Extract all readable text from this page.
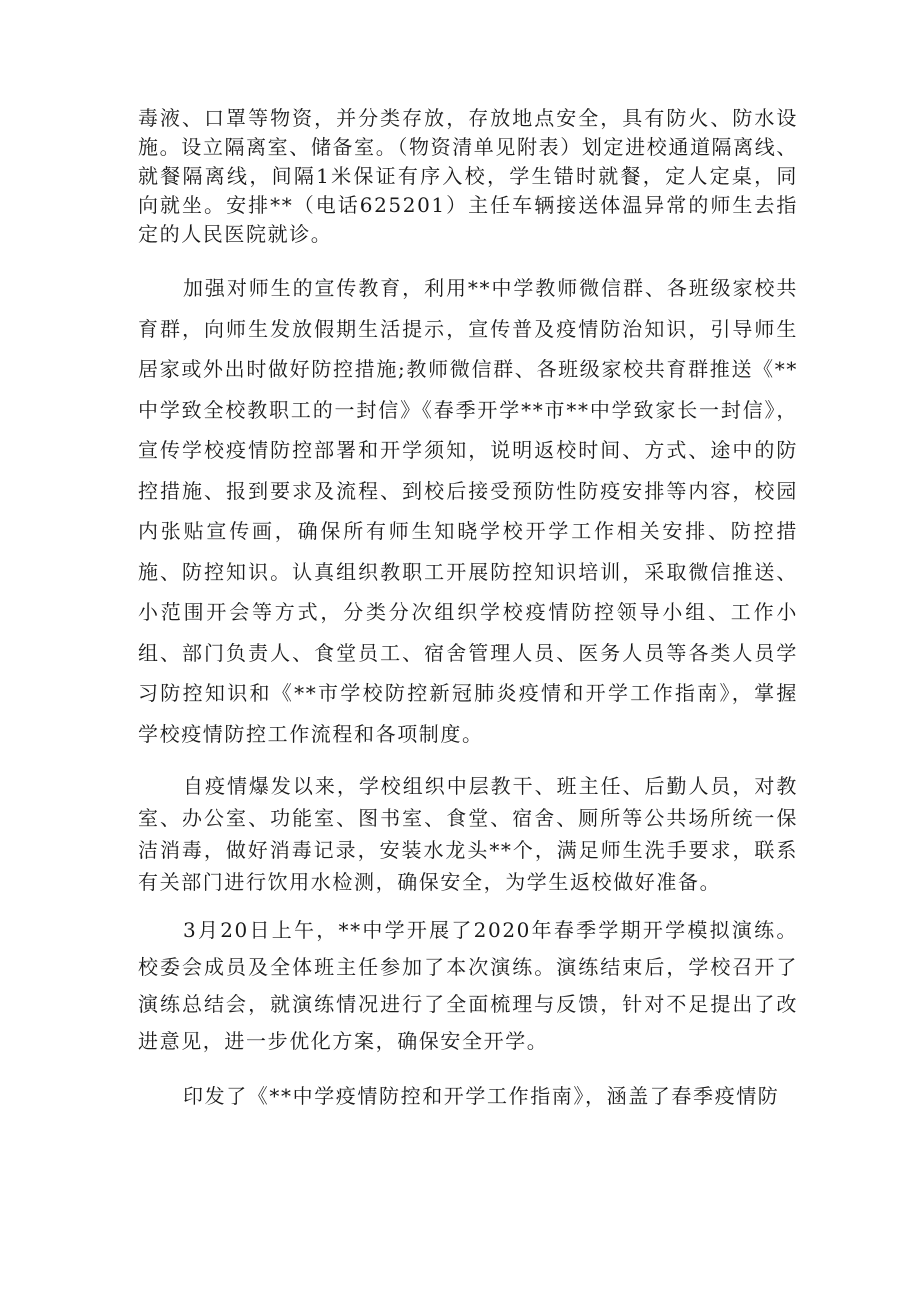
毒液、口罩等物资，并分类存放，存放地点安全，具有防火、防水设施。设立隔离室、储备室。（物资清单见附表）划定进校通道隔离线、就餐隔离线，间隔1米保证有序入校，学生错时就餐，定人定桌，同向就坐。安排**（电话625201）主任车辆接送体温异常的师生去指定的人民医院就诊。

加强对师生的宣传教育，利用**中学教师微信群、各班级家校共育群，向师生发放假期生活提示，宣传普及疫情防治知识，引导师生居家或外出时做好防控措施;教师微信群、各班级家校共育群推送《**中学致全校教职工的一封信》《春季开学**市**中学致家长一封信》，宣传学校疫情防控部署和开学须知，说明返校时间、方式、途中的防控措施、报到要求及流程、到校后接受预防性防疫安排等内容，校园内张贴宣传画，确保所有师生知晓学校开学工作相关安排、防控措施、防控知识。认真组织教职工开展防控知识培训，采取微信推送、小范围开会等方式，分类分次组织学校疫情防控领导小组、工作小组、部门负责人、食堂员工、宿舍管理人员、医务人员等各类人员学习防控知识和《**市学校防控新冠肺炎疫情和开学工作指南》，掌握学校疫情防控工作流程和各项制度。

自疫情爆发以来，学校组织中层教干、班主任、后勤人员，对教室、办公室、功能室、图书室、食堂、宿舍、厕所等公共场所统一保洁消毒，做好消毒记录，安装水龙头**个，满足师生洗手要求，联系有关部门进行饮用水检测，确保安全，为学生返校做好准备。

3月20日上午，**中学开展了2020年春季学期开学模拟演练。校委会成员及全体班主任参加了本次演练。演练结束后，学校召开了演练总结会，就演练情况进行了全面梳理与反馈，针对不足提出了改进意见，进一步优化方案，确保安全开学。

印发了《**中学疫情防控和开学工作指南》，涵盖了春季疫情防
